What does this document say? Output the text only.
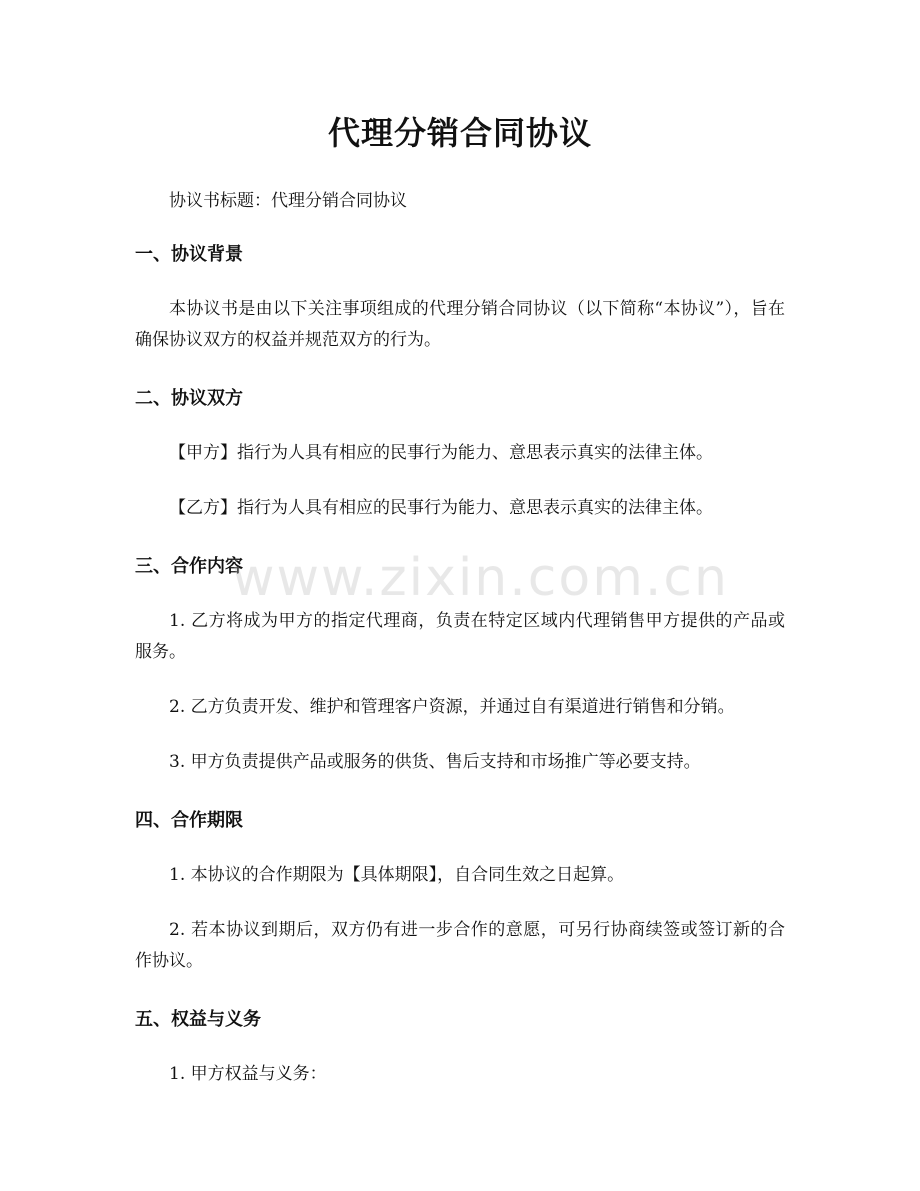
代理分销合同协议

协议书标题：代理分销合同协议

一、协议背景

本协议书是由以下关注事项组成的代理分销合同协议（以下简称“本协议”），旨在确保协议双方的权益并规范双方的行为。

二、协议双方

【甲方】指行为人具有相应的民事行为能力、意思表示真实的法律主体。

【乙方】指行为人具有相应的民事行为能力、意思表示真实的法律主体。

三、合作内容

1. 乙方将成为甲方的指定代理商，负责在特定区域内代理销售甲方提供的产品或服务。

2. 乙方负责开发、维护和管理客户资源，并通过自有渠道进行销售和分销。

3. 甲方负责提供产品或服务的供货、售后支持和市场推广等必要支持。

四、合作期限

1. 本协议的合作期限为【具体期限】，自合同生效之日起算。

2. 若本协议到期后，双方仍有进一步合作的意愿，可另行协商续签或签订新的合作协议。

五、权益与义务

1. 甲方权益与义务：

www.zixin.com.cn
